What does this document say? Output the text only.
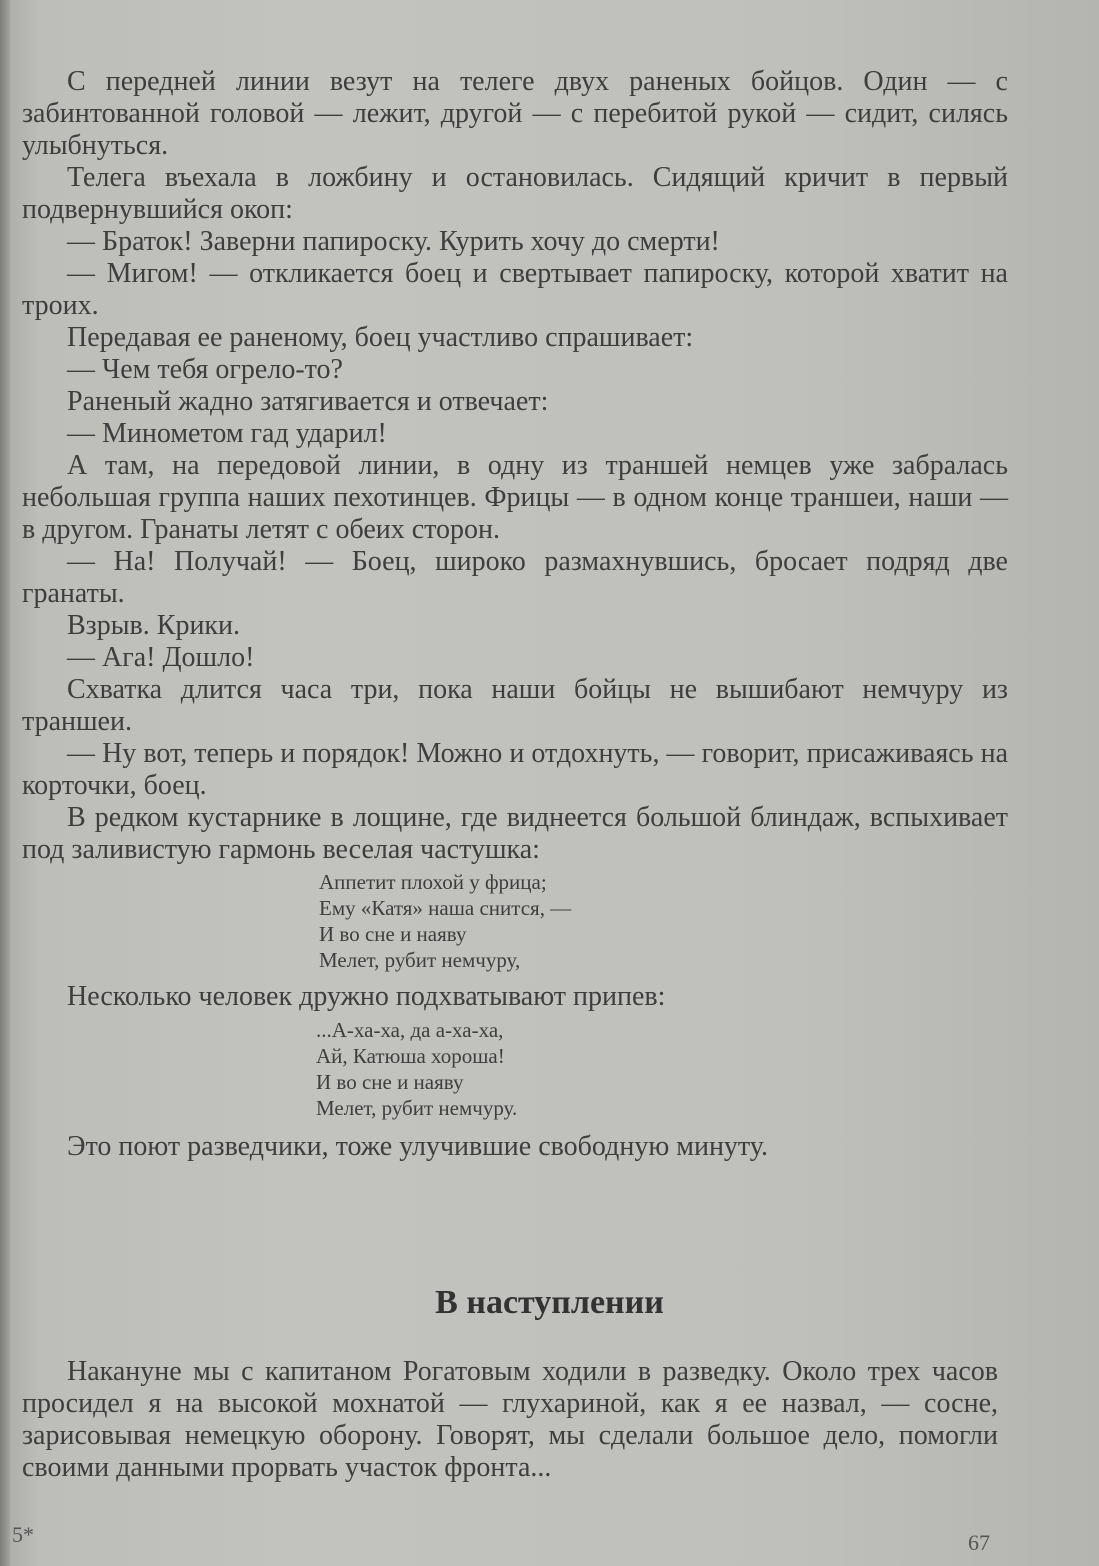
С передней линии везут на телеге двух раненых бойцов. Один — с забинтованной головой — лежит, другой — с перебитой рукой — сидит, силясь улыбнуться.

Телега въехала в ложбину и остановилась. Сидящий кричит в первый подвернувшийся окоп:

— Браток! Заверни папироску. Курить хочу до смерти!

— Мигом! — откликается боец и свертывает папироску, которой хватит на троих.

Передавая ее раненому, боец участливо спрашивает:

— Чем тебя огрело-то?

Раненый жадно затягивается и отвечает:

— Минометом гад ударил!

А там, на передовой линии, в одну из траншей немцев уже забралась небольшая группа наших пехотинцев. Фрицы — в одном конце траншеи, наши — в другом. Гранаты летят с обеих сторон.

— На! Получай! — Боец, широко размахнувшись, бросает подряд две гранаты.

Взрыв. Крики.

— Ага! Дошло!

Схватка длится часа три, пока наши бойцы не вышибают немчуру из траншеи.

— Ну вот, теперь и порядок! Можно и отдохнуть, — говорит, присаживаясь на корточки, боец.

В редком кустарнике в лощине, где виднеется большой блиндаж, вспыхивает под заливистую гармонь веселая частушка:

Аппетит плохой у фрица;
Ему «Катя» наша снится, —
И во сне и наяву
Мелет, рубит немчуру,

Несколько человек дружно подхватывают припев:

...А-ха-ха, да а-ха-ха,
Ай, Катюша хороша!
И во сне и наяву
Мелет, рубит немчуру.

Это поют разведчики, тоже улучившие свободную минуту.

В наступлении

Накануне мы с капитаном Рогатовым ходили в разведку. Около трех часов просидел я на высокой мохнатой — глухариной, как я ее назвал, — сосне, зарисовывая немецкую оборону. Говорят, мы сделали большое дело, помогли своими данными прорвать участок фронта...

5*	67
